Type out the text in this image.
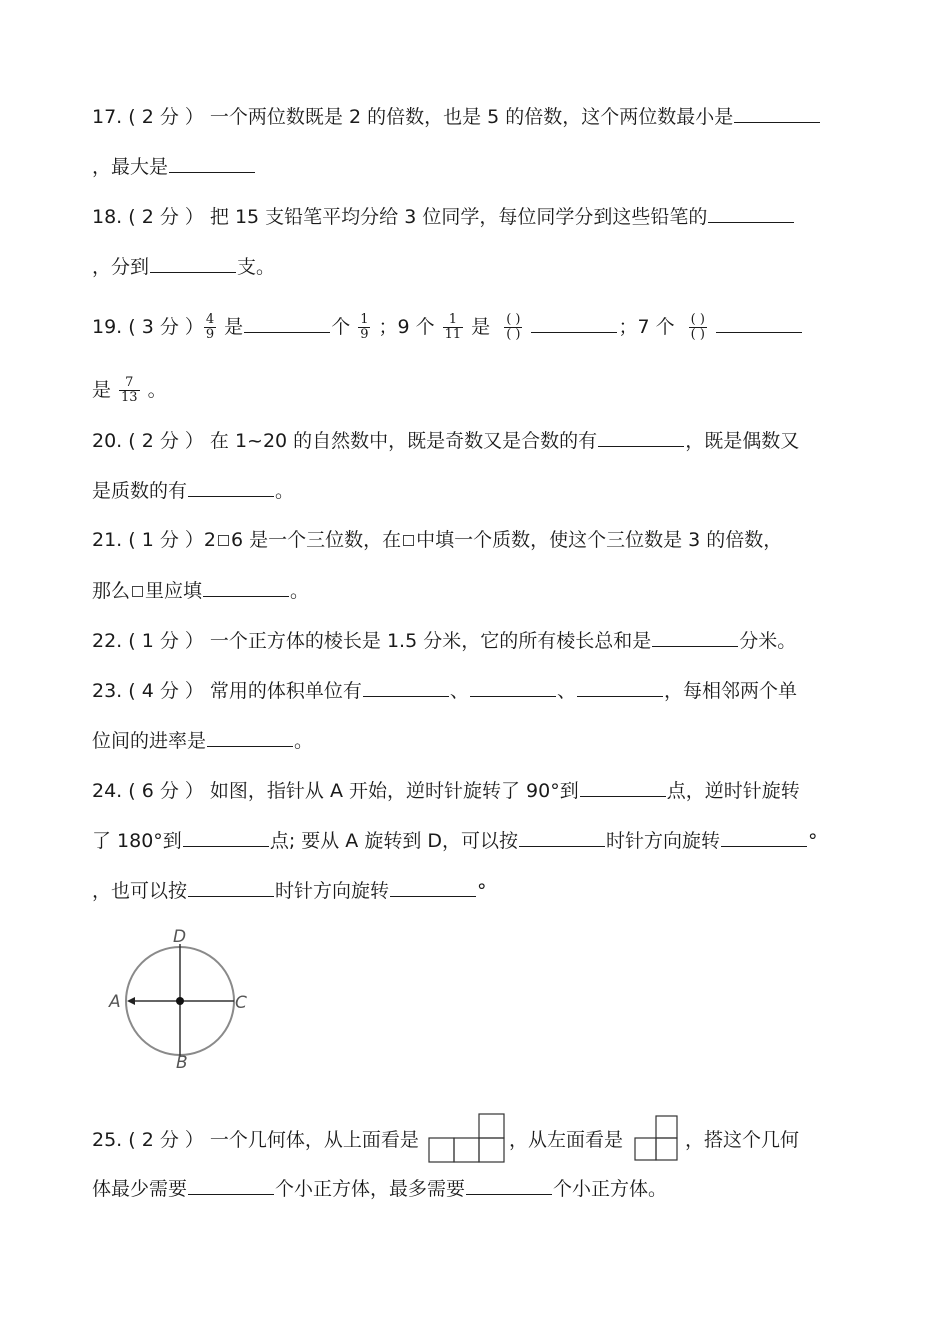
17. ( 2 分 ） 一个两位数既是 2 的倍数，也是 5 的倍数，这个两位数最小是
，最大是
18. ( 2 分 ） 把 15 支铅笔平均分给 3 位同学，每位同学分到这些铅笔的
，分到	支。
19. ( 3 分 ） $\frac{4}{9}$ 是	个 $\frac{1}{9}$ ；9 个 $\frac{1}{11}$ 是 $\frac{( )}{( )}$	；7 个 $\frac{( )}{( )}$
是 $\frac{7}{13}$ 。
20. ( 2 分 ） 在 1~20 的自然数中，既是奇数又是合数的有	，既是偶数又
是质数的有	。
21. ( 1 分 ）2 6 是一个三位数，在 中填一个质数，使这个三位数是 3 的倍数，
那么 里应填	。
22. ( 1 分 ） 一个正方体的棱长是 1.5 分米，它的所有棱长总和是	分米。
23. ( 4 分 ） 常用的体积单位有	、	、	，每相邻两个单
位间的进率是	。
24. ( 6 分 ） 如图，指针从 A 开始，逆时针旋转了 90°到	点，逆时针旋转
了 180°到	点; 要从 A 旋转到 D，可以按	时针方向旋转	°
，也可以按	时针方向旋转	°
D
A	C
B
25. ( 2 分 ） 一个几何体，从上面看是	，从左面看是	，搭这个几何
体最少需要	个小正方体，最多需要	个小正方体。
